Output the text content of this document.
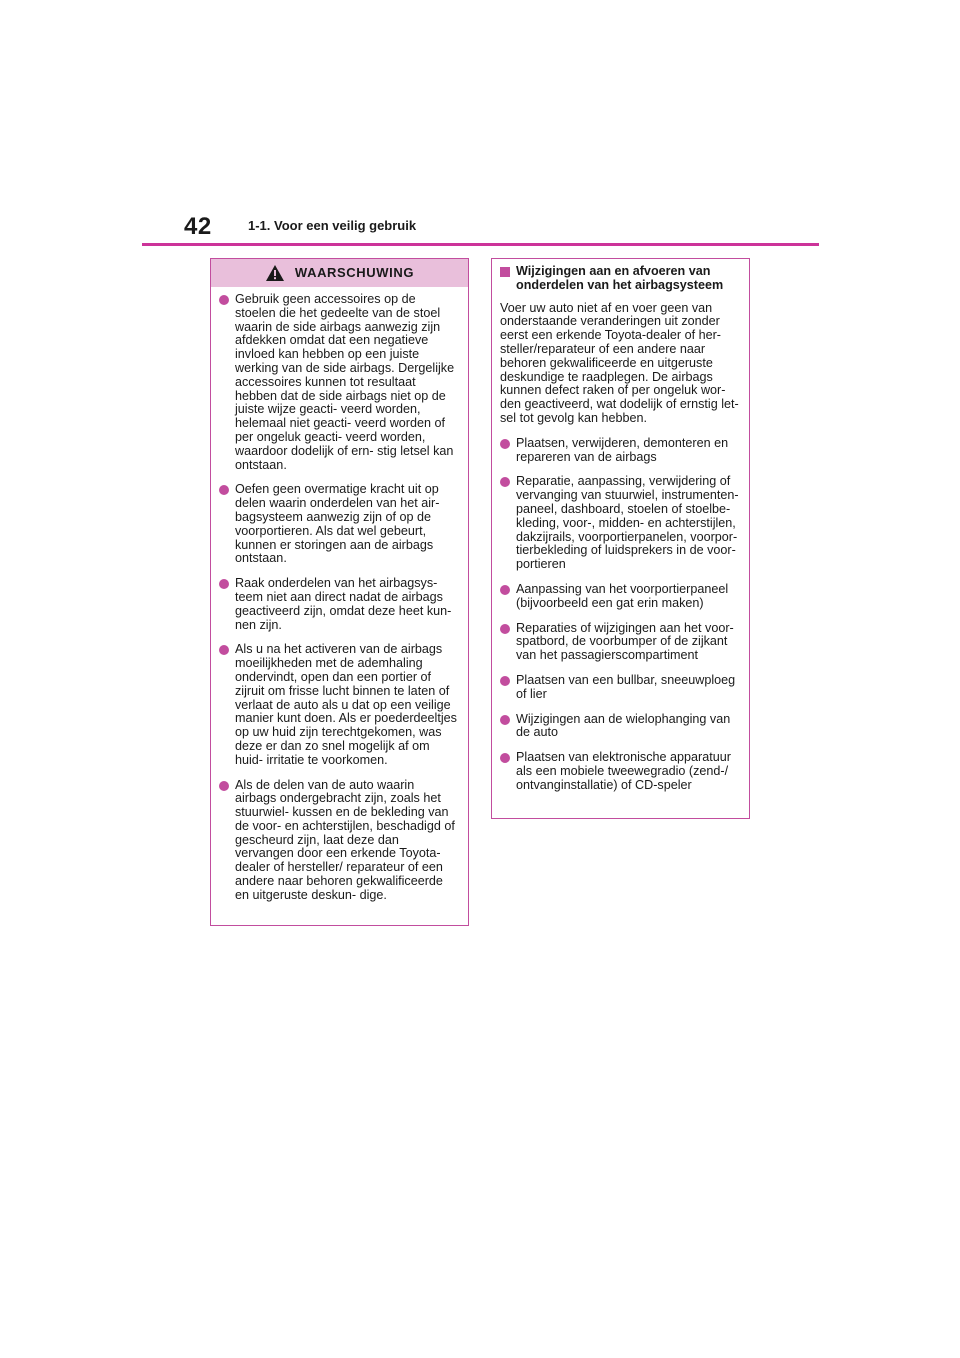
42	1-1. Voor een veilig gebruik
WAARSCHUWING
Gebruik geen accessoires op de stoelen die het gedeelte van de stoel waarin de side airbags aanwezig zijn afdekken omdat dat een negatieve invloed kan hebben op een juiste werking van de side airbags. Dergelijke accessoires kunnen tot resultaat hebben dat de side airbags niet op de juiste wijze geacti- veerd worden, helemaal niet geacti- veerd worden of per ongeluk geacti- veerd worden, waardoor dodelijk of ern- stig letsel kan ontstaan.
Oefen geen overmatige kracht uit op delen waarin onderdelen van het air- bagsysteem aanwezig zijn of op de voorportieren. Als dat wel gebeurt, kunnen er storingen aan de airbags ontstaan.
Raak onderdelen van het airbagsys- teem niet aan direct nadat de airbags geactiveerd zijn, omdat deze heet kun- nen zijn.
Als u na het activeren van de airbags moeilijkheden met de ademhaling ondervindt, open dan een portier of zijruit om frisse lucht binnen te laten of verlaat de auto als u dat op een veilige manier kunt doen. Als er poederdeeltjes op uw huid zijn terechtgekomen, was deze er dan zo snel mogelijk af om huid- irritatie te voorkomen.
Als de delen van de auto waarin airbags ondergebracht zijn, zoals het stuurwiel- kussen en de bekleding van de voor- en achterstijlen, beschadigd of gescheurd zijn, laat deze dan vervangen door een erkende Toyota-dealer of hersteller/ reparateur of een andere naar behoren gekwalificeerde en uitgeruste deskun- dige.
Wijzigingen aan en afvoeren van onderdelen van het airbagsysteem

Voer uw auto niet af en voer geen van onderstaande veranderingen uit zonder eerst een erkende Toyota-dealer of her- steller/reparateur of een andere naar behoren gekwalificeerde en uitgeruste deskundige te raadplegen. De airbags kunnen defect raken of per ongeluk wor- den geactiveerd, wat dodelijk of ernstig let- sel tot gevolg kan hebben.

Plaatsen, verwijderen, demonteren en repareren van de airbags
Reparatie, aanpassing, verwijdering of vervanging van stuurwiel, instrumenten- paneel, dashboard, stoelen of stoelbe- kleding, voor-, midden- en achterstijlen, dakzijrails, voorportierpanelen, voorpor- tierbekleding of luidsprekers in de voor- portieren
Aanpassing van het voorportierpaneel (bijvoorbeeld een gat erin maken)
Reparaties of wijzigingen aan het voor- spatbord, de voorbumper of de zijkant van het passagierscompartiment
Plaatsen van een bullbar, sneeuwploeg of lier
Wijzigingen aan de wielophanging van de auto
Plaatsen van elektronische apparatuur als een mobiele tweewegradio (zend-/ ontvanginstallatie) of CD-speler
